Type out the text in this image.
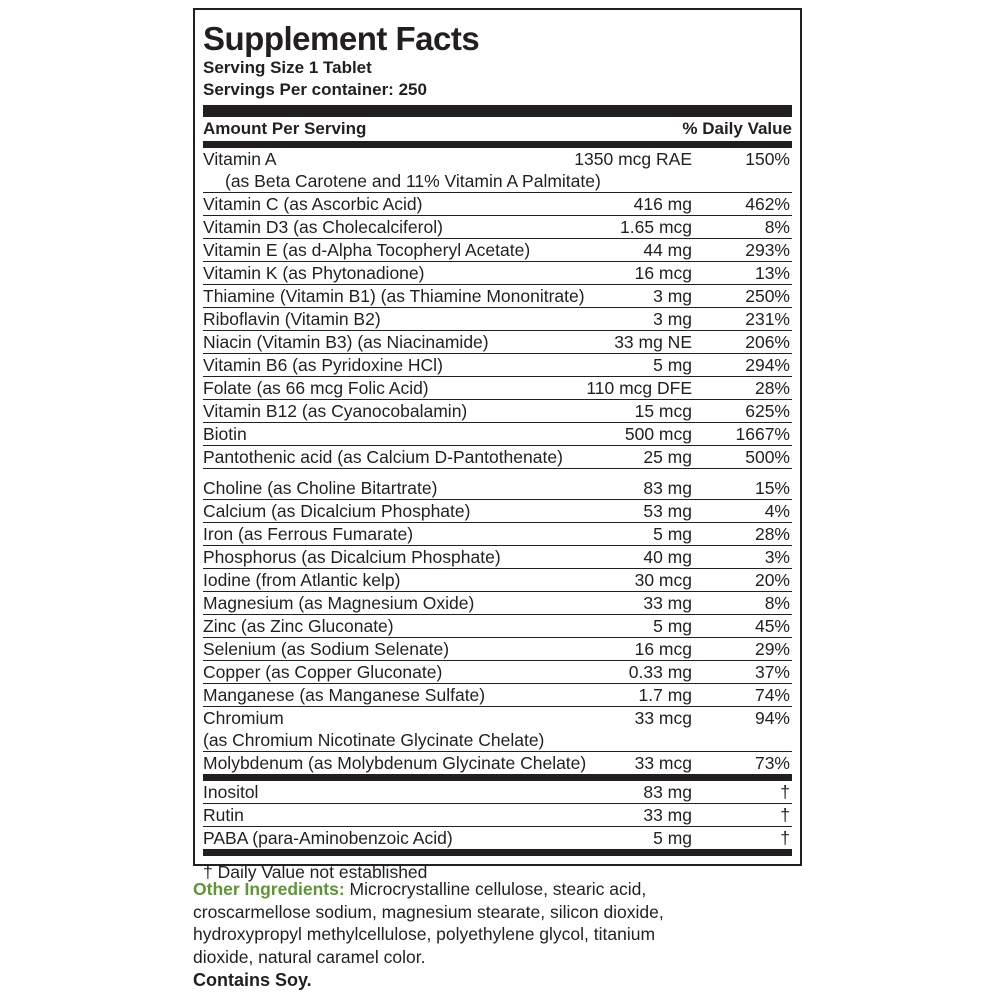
Supplement Facts
Serving Size 1 Tablet
Servings Per container: 250
Amount Per Serving	% Daily Value
Vitamin A
(as Beta Carotene and 11% Vitamin A Palmitate)
1350 mcg RAE	150%
Vitamin C (as Ascorbic Acid)	416 mg	462%
Vitamin D3 (as Cholecalciferol)	1.65 mcg	8%
Vitamin E (as d-Alpha Tocopheryl Acetate)	44 mg	293%
Vitamin K (as Phytonadione)	16 mcg	13%
Thiamine (Vitamin B1) (as Thiamine Mononitrate)	3 mg	250%
Riboflavin (Vitamin B2)	3 mg	231%
Niacin (Vitamin B3) (as Niacinamide)	33 mg NE	206%
Vitamin B6 (as Pyridoxine HCl)	5 mg	294%
Folate (as 66 mcg Folic Acid)	110 mcg DFE	28%
Vitamin B12 (as Cyanocobalamin)	15 mcg	625%
Biotin	500 mcg 1667%
Pantothenic acid (as Calcium D-Pantothenate)	25 mg	500%
Choline (as Choline Bitartrate)	83 mg	15%
Calcium (as Dicalcium Phosphate)	53 mg	4%
Iron (as Ferrous Fumarate)	5 mg	28%
Phosphorus (as Dicalcium Phosphate)	40 mg	3%
Iodine (from Atlantic kelp)	30 mcg	20%
Magnesium (as Magnesium Oxide)	33 mg	8%
Zinc (as Zinc Gluconate)	5 mg	45%
Selenium (as Sodium Selenate)	16 mcg	29%
Copper (as Copper Gluconate)	0.33 mg	37%
Manganese (as Manganese Sulfate)	1.7 mg	74%
Chromium
(as Chromium Nicotinate Glycinate Chelate)
33 mcg	94%
Molybdenum (as Molybdenum Glycinate Chelate)	33 mcg	73%
Inositol	83 mg	†
Rutin	33 mg	†
PABA (para-Aminobenzoic Acid)	5 mg	†
† Daily Value not established
Other Ingredients: Microcrystalline cellulose, stearic acid, croscarmellose sodium, magnesium stearate, silicon dioxide, hydroxypropyl methylcellulose, polyethylene glycol, titanium dioxide, natural caramel color.
Contains Soy.
